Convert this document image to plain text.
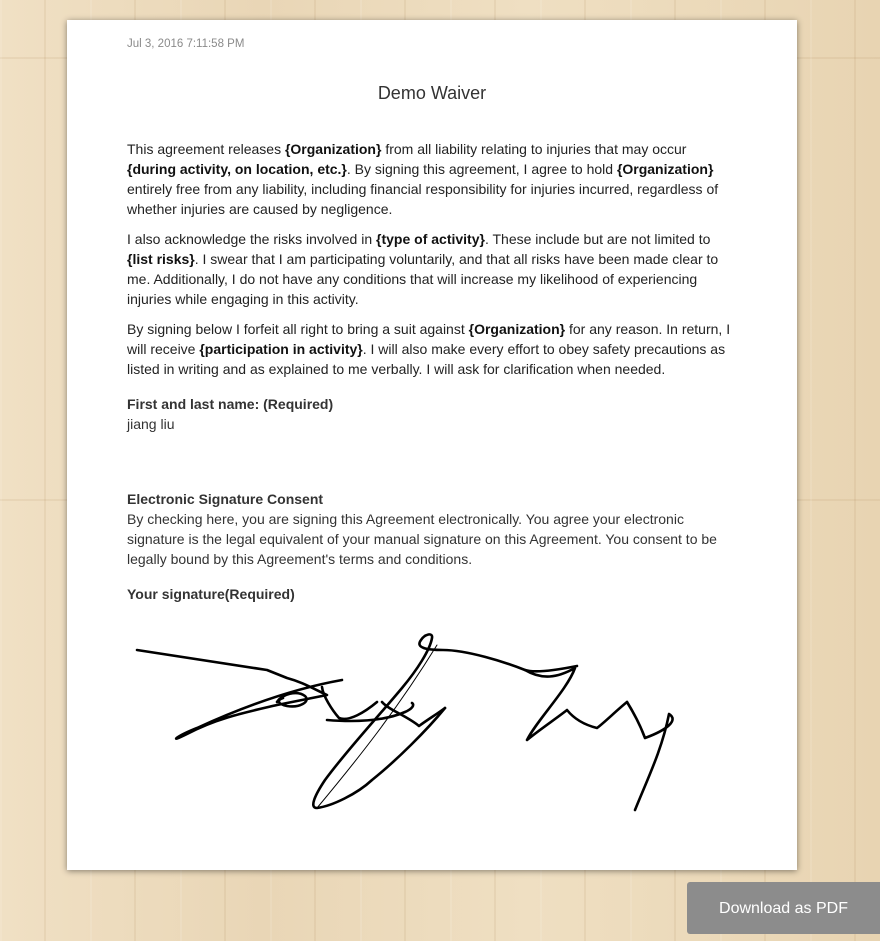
Jul 3, 2016 7:11:58 PM
Demo Waiver

This agreement releases {Organization} from all liability relating to injuries that may occur {during activity, on location, etc.}. By signing this agreement, I agree to hold {Organization} entirely free from any liability, including financial responsibility for injuries incurred, regardless of whether injuries are caused by negligence.

I also acknowledge the risks involved in {type of activity}. These include but are not limited to {list risks}. I swear that I am participating voluntarily, and that all risks have been made clear to me. Additionally, I do not have any conditions that will increase my likelihood of experiencing injuries while engaging in this activity.

By signing below I forfeit all right to bring a suit against {Organization} for any reason. In return, I will receive {participation in activity}. I will also make every effort to obey safety precautions as listed in writing and as explained to me verbally. I will ask for clarification when needed.

First and last name: (Required)
jiang liu
Electronic Signature Consent
By checking here, you are signing this Agreement electronically. You agree your electronic signature is the legal equivalent of your manual signature on this Agreement. You consent to be legally bound by this Agreement's terms and conditions.
Your signature(Required)
Download as PDF
